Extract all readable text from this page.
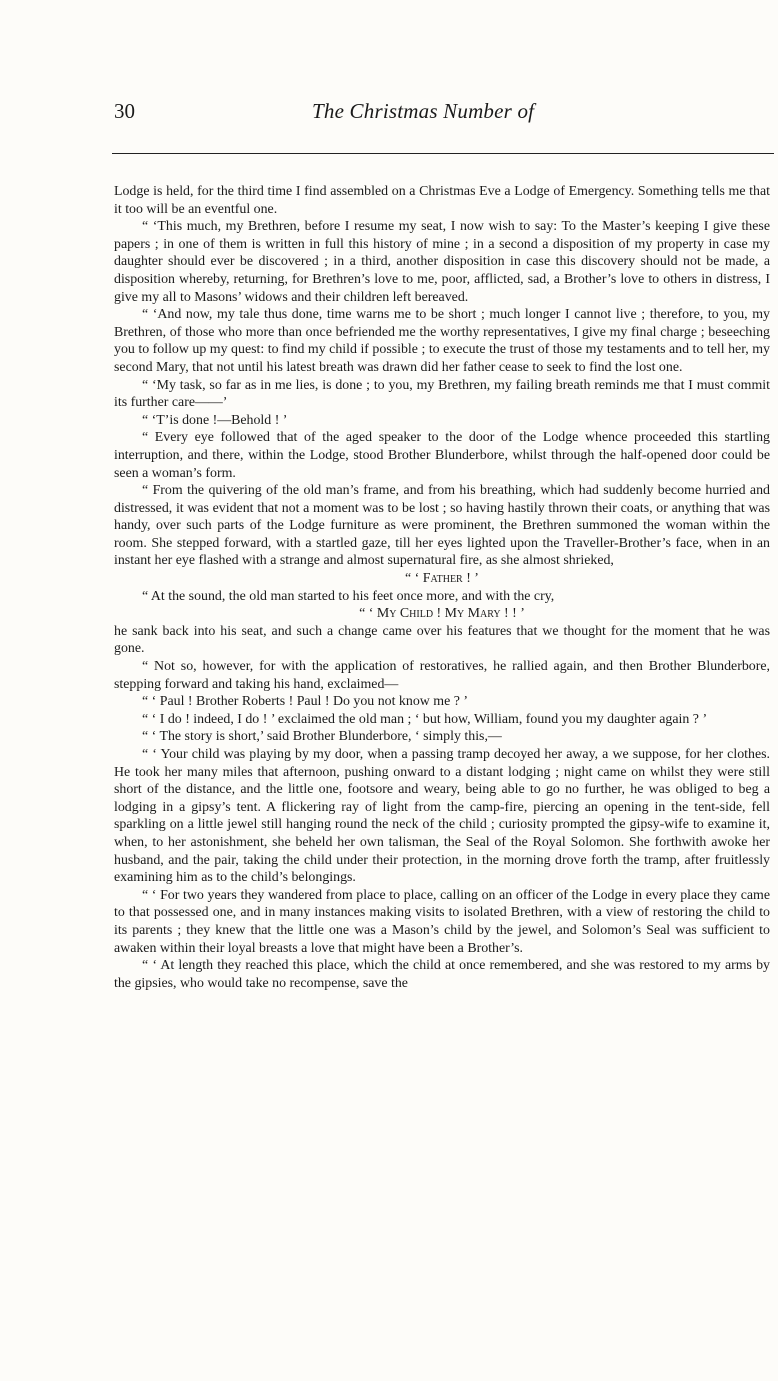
30	The Christmas Number of

Lodge is held, for the third time I find assembled on a Christmas Eve a Lodge of Emergency. Something tells me that it too will be an eventful one.

“ ‘This much, my Brethren, before I resume my seat, I now wish to say: To the Master’s keeping I give these papers ; in one of them is written in full this history of mine ; in a second a disposition of my property in case my daughter should ever be discovered ; in a third, another disposition in case this discovery should not be made, a disposition whereby, returning, for Brethren’s love to me, poor, afflicted, sad, a Brother’s love to others in distress, I give my all to Masons’ widows and their children left bereaved.

“ ‘And now, my tale thus done, time warns me to be short ; much longer I cannot live ; therefore, to you, my Brethren, of those who more than once befriended me the worthy representatives, I give my final charge ; beseeching you to follow up my quest: to find my child if possible ; to execute the trust of those my testaments and to tell her, my second Mary, that not until his latest breath was drawn did her father cease to seek to find the lost one.

“ ‘My task, so far as in me lies, is done ; to you, my Brethren, my failing breath reminds me that I must commit its further care——’

“ ‘T’is done !—Behold ! ’

“ Every eye followed that of the aged speaker to the door of the Lodge whence proceeded this startling interruption, and there, within the Lodge, stood Brother Blunderbore, whilst through the half-opened door could be seen a woman’s form.

“ From the quivering of the old man’s frame, and from his breathing, which had suddenly become hurried and distressed, it was evident that not a moment was to be lost ; so having hastily thrown their coats, or anything that was handy, over such parts of the Lodge furniture as were prominent, the Brethren summoned the woman within the room. She stepped forward, with a startled gaze, till her eyes lighted upon the Traveller-Brother’s face, when in an instant her eye flashed with a strange and almost supernatural fire, as she almost shrieked,

“ ‘ Father ! ’

“ At the sound, the old man started to his feet once more, and with the cry,

“ ‘ My Child ! My Mary ! ! ’

he sank back into his seat, and such a change came over his features that we thought for the moment that he was gone.

“ Not so, however, for with the application of restoratives, he rallied again, and then Brother Blunderbore, stepping forward and taking his hand, exclaimed—

“ ‘ Paul ! Brother Roberts ! Paul ! Do you not know me ? ’

“ ‘ I do ! indeed, I do ! ’ exclaimed the old man ; ‘ but how, William, found you my daughter again ? ’

“ ‘ The story is short,’ said Brother Blunderbore, ‘ simply this,—

“ ‘ Your child was playing by my door, when a passing tramp decoyed her away, a we suppose, for her clothes. He took her many miles that afternoon, pushing onward to a distant lodging ; night came on whilst they were still short of the distance, and the little one, footsore and weary, being able to go no further, he was obliged to beg a lodging in a gipsy’s tent. A flickering ray of light from the camp-fire, piercing an opening in the tent-side, fell sparkling on a little jewel still hanging round the neck of the child ; curiosity prompted the gipsy-wife to examine it, when, to her astonishment, she beheld her own talisman, the Seal of the Royal Solomon. She forthwith awoke her husband, and the pair, taking the child under their protection, in the morning drove forth the tramp, after fruitlessly examining him as to the child’s belongings.

“ ‘ For two years they wandered from place to place, calling on an officer of the Lodge in every place they came to that possessed one, and in many instances making visits to isolated Brethren, with a view of restoring the child to its parents ; they knew that the little one was a Mason’s child by the jewel, and Solomon’s Seal was sufficient to awaken within their loyal breasts a love that might have been a Brother’s.

“ ‘ At length they reached this place, which the child at once remembered, and she was restored to my arms by the gipsies, who would take no recompense, save the
